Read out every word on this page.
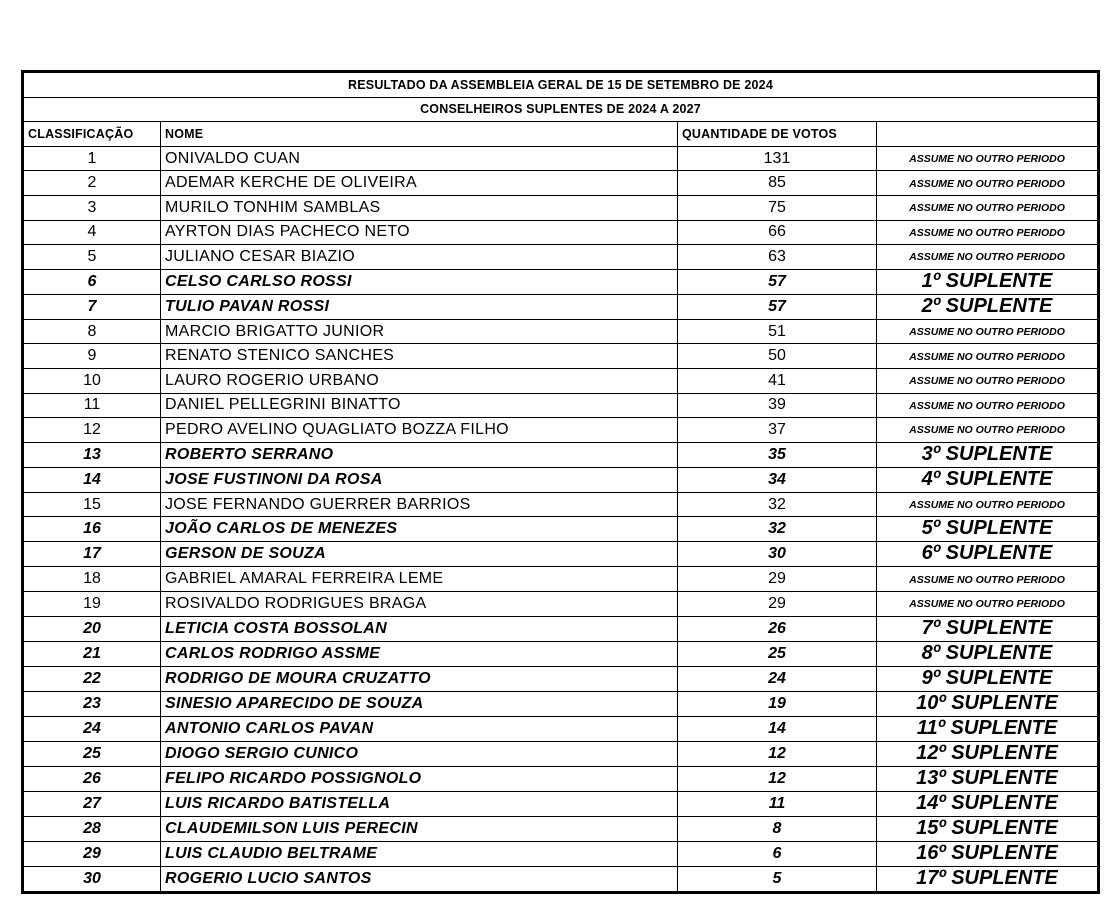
RESULTADO DA ASSEMBLEIA GERAL DE 15 DE SETEMBRO DE 2024			
CONSELHEIROS SUPLENTES DE 2024 A 2027			
CLASSIFICAÇÃO	NOME	QUANTIDADE DE VOTOS	
1	ONIVALDO CUAN	131	ASSUME NO OUTRO PERIODO
2	ADEMAR KERCHE DE OLIVEIRA	85	ASSUME NO OUTRO PERIODO
3	MURILO TONHIM SAMBLAS	75	ASSUME NO OUTRO PERIODO
4	AYRTON DIAS PACHECO NETO	66	ASSUME NO OUTRO PERIODO
5	JULIANO CESAR BIAZIO	63	ASSUME NO OUTRO PERIODO
6	CELSO CARLSO ROSSI	57	1º SUPLENTE
7	TULIO PAVAN ROSSI	57	2º SUPLENTE
8	MARCIO BRIGATTO JUNIOR	51	ASSUME NO OUTRO PERIODO
9	RENATO STENICO SANCHES	50	ASSUME NO OUTRO PERIODO
10	LAURO ROGERIO URBANO	41	ASSUME NO OUTRO PERIODO
11	DANIEL PELLEGRINI BINATTO	39	ASSUME NO OUTRO PERIODO
12	PEDRO AVELINO QUAGLIATO BOZZA FILHO	37	ASSUME NO OUTRO PERIODO
13	ROBERTO SERRANO	35	3º SUPLENTE
14	JOSE FUSTINONI DA ROSA	34	4º SUPLENTE
15	JOSE FERNANDO GUERRER BARRIOS	32	ASSUME NO OUTRO PERIODO
16	JOÃO CARLOS DE MENEZES	32	5º SUPLENTE
17	GERSON DE SOUZA	30	6º SUPLENTE
18	GABRIEL AMARAL FERREIRA LEME	29	ASSUME NO OUTRO PERIODO
19	ROSIVALDO RODRIGUES BRAGA	29	ASSUME NO OUTRO PERIODO
20	LETICIA COSTA BOSSOLAN	26	7º SUPLENTE
21	CARLOS RODRIGO ASSME	25	8º SUPLENTE
22	RODRIGO DE MOURA CRUZATTO	24	9º SUPLENTE
23	SINESIO APARECIDO DE SOUZA	19	10º SUPLENTE
24	ANTONIO CARLOS PAVAN	14	11º SUPLENTE
25	DIOGO SERGIO CUNICO	12	12º SUPLENTE
26	FELIPO RICARDO POSSIGNOLO	12	13º SUPLENTE
27	LUIS RICARDO BATISTELLA	11	14º SUPLENTE
28	CLAUDEMILSON LUIS PERECIN	8	15º SUPLENTE
29	LUIS CLAUDIO BELTRAME	6	16º SUPLENTE
30	ROGERIO LUCIO SANTOS	5	17º SUPLENTE
